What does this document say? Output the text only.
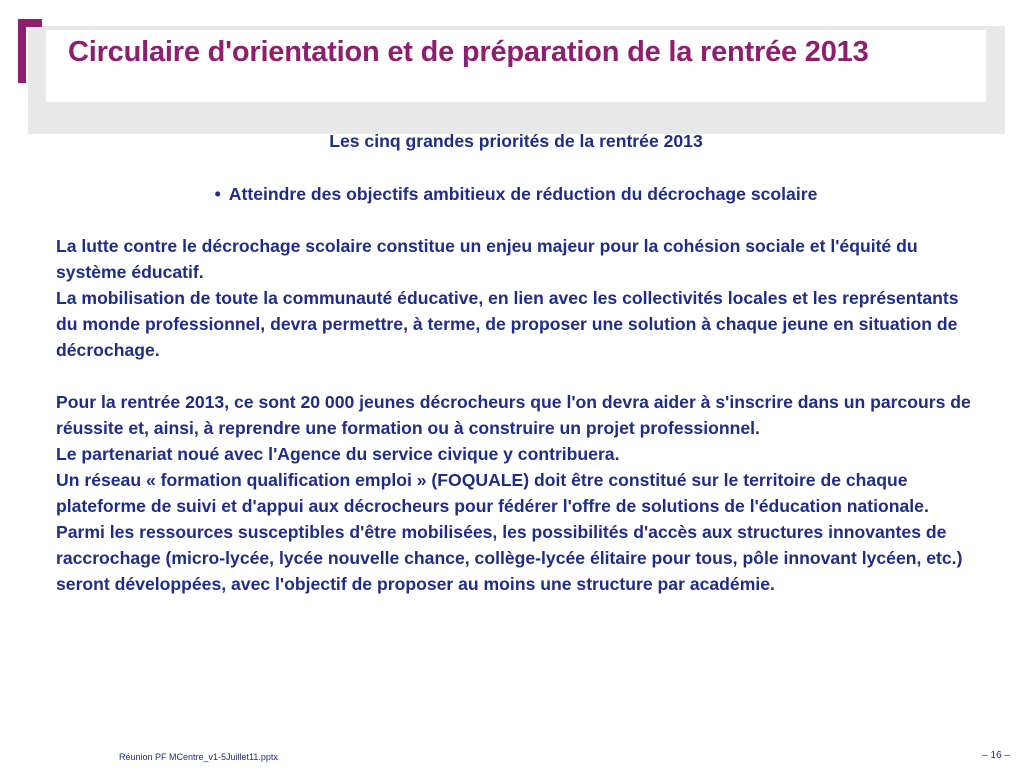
Circulaire d'orientation et de préparation de la rentrée 2013

Les cinq grandes priorités de la rentrée 2013

• Atteindre des objectifs ambitieux de réduction du décrochage scolaire

La lutte contre le décrochage scolaire constitue un enjeu majeur pour la cohésion sociale et l'équité du système éducatif.

La mobilisation de toute la communauté éducative, en lien avec les collectivités locales et les représentants du monde professionnel, devra permettre, à terme, de proposer une solution à chaque jeune en situation de décrochage.

Pour la rentrée 2013, ce sont 20 000 jeunes décrocheurs que l'on devra aider à s'inscrire dans un parcours de réussite et, ainsi, à reprendre une formation ou à construire un projet professionnel.

Le partenariat noué avec l'Agence du service civique y contribuera.

Un réseau « formation qualification emploi » (FOQUALE) doit être constitué sur le territoire de chaque plateforme de suivi et d'appui aux décrocheurs pour fédérer l'offre de solutions de l'éducation nationale.

Parmi les ressources susceptibles d'être mobilisées, les possibilités d'accès aux structures innovantes de raccrochage (micro-lycée, lycée nouvelle chance, collège-lycée élitaire pour tous, pôle innovant lycéen, etc.) seront développées, avec l'objectif de proposer au moins une structure par académie.

Réunion PF MCentre_v1-5Juillet11.pptx	– 16 –
